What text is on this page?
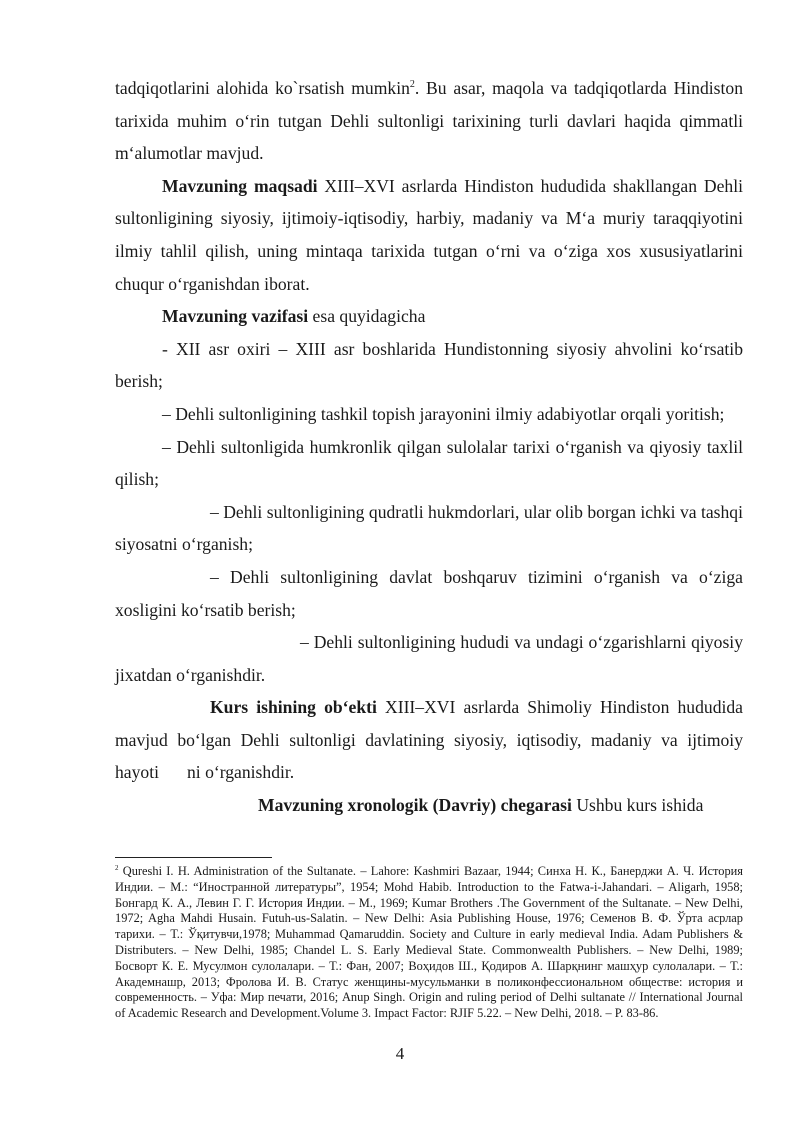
tadqiqotlarini alohida ko`rsatish mumkin$^2$. Bu asar, maqola va tadqiqotlarda Hindiston tarixida muhim o‘rin tutgan Dehli sultonligi tarixining turli davlari haqida qimmatli m‘alumotlar mavjud.

Mavzuning maqsadi XIII–XVI asrlarda Hindiston hududida shakllangan Dehli sultonligining siyosiy, ijtimoiy-iqtisodiy, harbiy, madaniy va M‘a muriy taraqqiyotini ilmiy tahlil qilish, uning mintaqa tarixida tutgan o‘rni va o‘ziga xos xususiyatlarini chuqur o‘rganishdan iborat.

Mavzuning vazifasi esa quyidagicha

- XII asr oxiri – XIII asr boshlarida Hundistonning siyosiy ahvolini ko‘rsatib berish;

– Dehli sultonligining tashkil topish jarayonini ilmiy adabiyotlar orqali yoritish;

– Dehli sultonligida humkronlik qilgan sulolalar tarixi o‘rganish va qiyosiy taxlil qilish;

– Dehli sultonligining qudratli hukmdorlari, ular olib borgan ichki va tashqi siyosatni o‘rganish;

– Dehli sultonligining davlat boshqaruv tizimini o‘rganish va o‘ziga xosligini ko‘rsatib berish;

– Dehli sultonligining hududi va undagi o‘zgarishlarni qiyosiy jixatdan o‘rganishdir.

Kurs ishining ob‘ekti XIII–XVI asrlarda Shimoliy Hindiston hududida mavjud bo‘lgan Dehli sultonligi davlatining siyosiy, iqtisodiy, madaniy va ijtimoiy hayoti ni o‘rganishdir.

Mavzuning xronologik (Davriy) chegarasi Ushbu kurs ishida

$^2$ Qureshi I. H. Administration of the Sultanate. – Lahore: Kashmiri Bazaar, 1944; Синха Н. К., Банерджи А. Ч. История Индии. – М.: “Иностранной литературы”, 1954; Mohd Habib. Introduction to the Fatwa-i-Jahandari. – Aligarh, 1958; Бонгард К. А., Левин Г. Г. История Индии. – М., 1969; Kumar Brothers .The Government of the Sultanate. – New Delhi, 1972; Agha Mahdi Husain. Futuh-us-Salatin. – New Delhi: Asia Publishing House, 1976; Семенов В. Ф. Ўрта асрлар тарихи. – Т.: Ўқитувчи,1978; Muhammad Qamaruddin. Society and Culture in early medieval India. Adam Publishers & Distributers. – New Delhi, 1985; Chandel L. S. Early Medieval State. Commonwealth Publishers. – New Delhi, 1989; Босворт К. Е. Мусулмон сулолалари. – Т.: Фан, 2007; Воҳидов Ш., Қодиров А. Шарқнинг машҳур сулолалари. – Т.: Академнашр, 2013; Фролова И. В. Статус женщины-мусульманки в поликонфессиональном обществе: история и современность. – Уфа: Мир печати, 2016; Anup Singh. Origin and ruling period of Delhi sultanate // International Journal of Academic Research and Development.Volume 3. Impact Factor: RJIF 5.22. – New Delhi, 2018. – P. 83-86.

4
